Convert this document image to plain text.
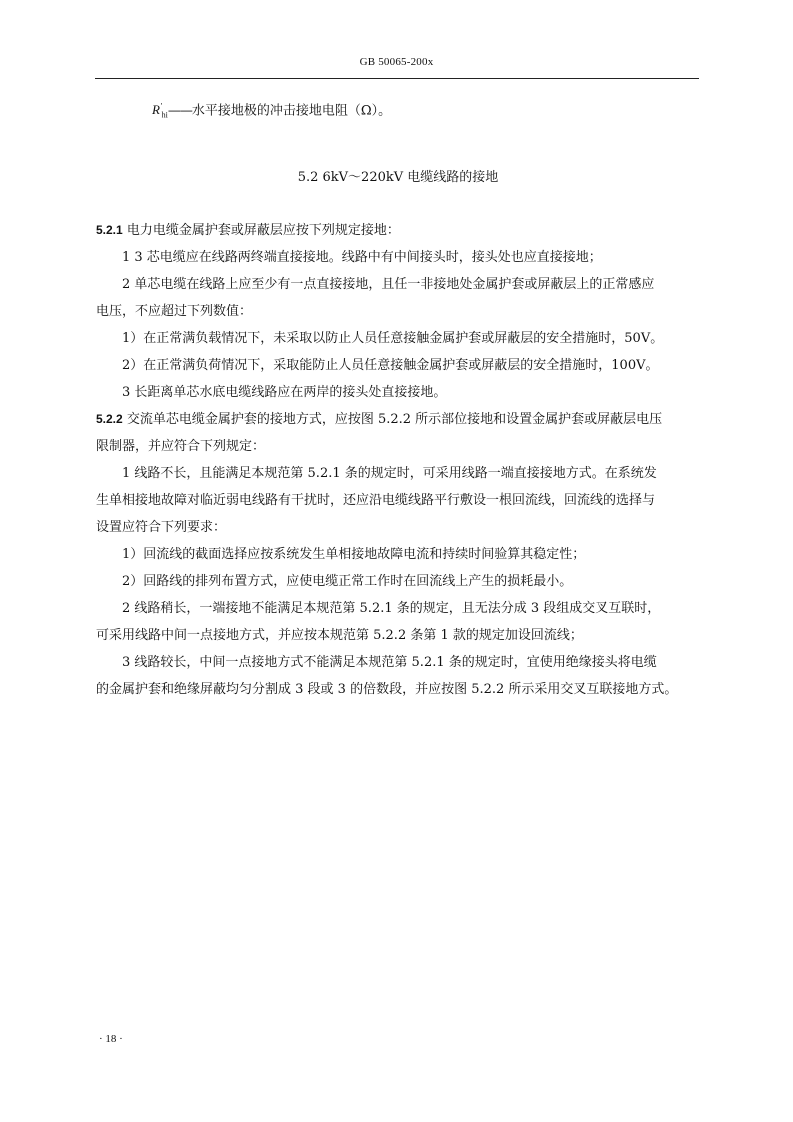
GB 50065-200x

$R'_{hi}——$水平接地极的冲击接地电阻（Ω）。

5.2 6kV～220kV 电缆线路的接地

5.2.1 电力电缆金属护套或屏蔽层应按下列规定接地：

1 3 芯电缆应在线路两终端直接接地。线路中有中间接头时，接头处也应直接接地；

2 单芯电缆在线路上应至少有一点直接接地，且任一非接地处金属护套或屏蔽层上的正常感应

电压，不应超过下列数值：

1）在正常满负载情况下，未采取以防止人员任意接触金属护套或屏蔽层的安全措施时，50V。

2）在正常满负荷情况下，采取能防止人员任意接触金属护套或屏蔽层的安全措施时，100V。

3 长距离单芯水底电缆线路应在两岸的接头处直接接地。

5.2.2 交流单芯电缆金属护套的接地方式，应按图 5.2.2 所示部位接地和设置金属护套或屏蔽层电压

限制器，并应符合下列规定：

1 线路不长，且能满足本规范第 5.2.1 条的规定时，可采用线路一端直接接地方式。在系统发

生单相接地故障对临近弱电线路有干扰时，还应沿电缆线路平行敷设一根回流线，回流线的选择与

设置应符合下列要求：

1）回流线的截面选择应按系统发生单相接地故障电流和持续时间验算其稳定性；

2）回路线的排列布置方式，应使电缆正常工作时在回流线上产生的损耗最小。

2 线路稍长，一端接地不能满足本规范第 5.2.1 条的规定，且无法分成 3 段组成交叉互联时，

可采用线路中间一点接地方式，并应按本规范第 5.2.2 条第 1 款的规定加设回流线；

3 线路较长，中间一点接地方式不能满足本规范第 5.2.1 条的规定时，宜使用绝缘接头将电缆

的金属护套和绝缘屏蔽均匀分割成 3 段或 3 的倍数段，并应按图 5.2.2 所示采用交叉互联接地方式。

· 18 ·
